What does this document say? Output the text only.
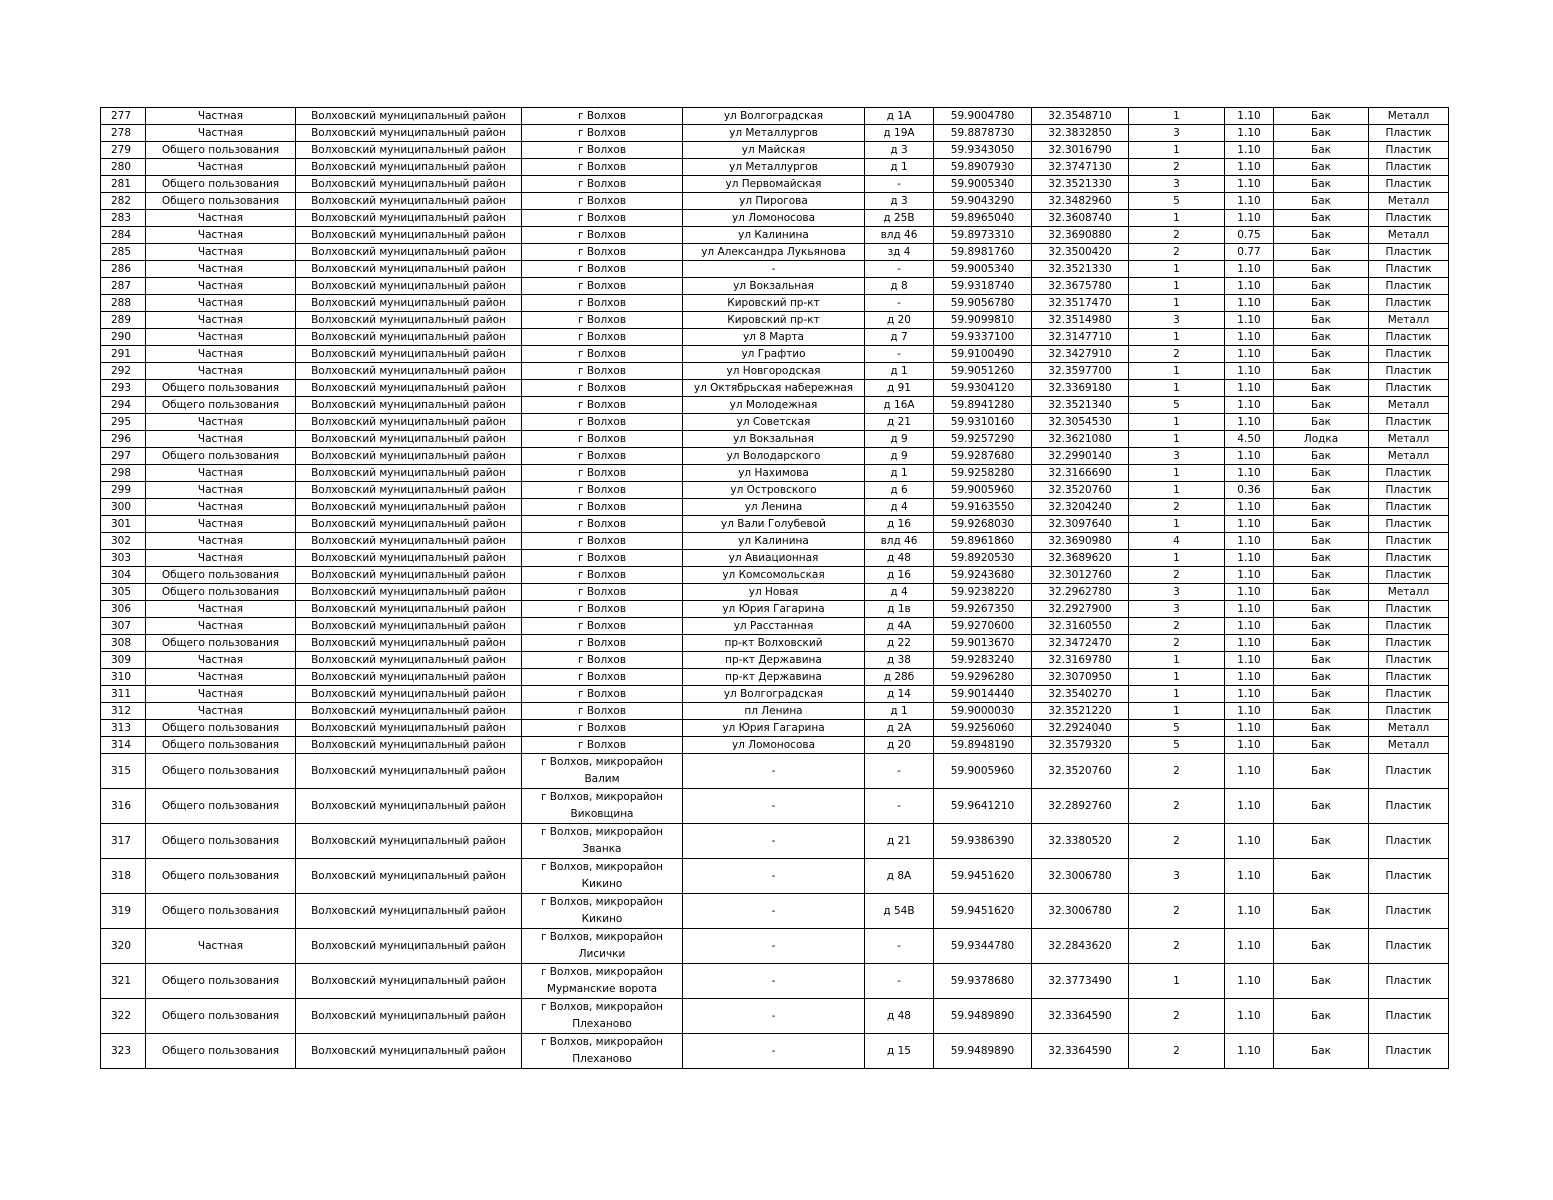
277	Частная	Волховский муниципальный район	г Волхов	ул Волгоградская	д 1А	59.9004780	32.3548710	1	1.10	Бак	Металл
278	Частная	Волховский муниципальный район	г Волхов	ул Металлургов	д 19А	59.8878730	32.3832850	3	1.10	Бак	Пластик
279	Общего пользования	Волховский муниципальный район	г Волхов	ул Майская	д 3	59.9343050	32.3016790	1	1.10	Бак	Пластик
280	Частная	Волховский муниципальный район	г Волхов	ул Металлургов	д 1	59.8907930	32.3747130	2	1.10	Бак	Пластик
281	Общего пользования	Волховский муниципальный район	г Волхов	ул Первомайская	-	59.9005340	32.3521330	3	1.10	Бак	Пластик
282	Общего пользования	Волховский муниципальный район	г Волхов	ул Пирогова	д 3	59.9043290	32.3482960	5	1.10	Бак	Металл
283	Частная	Волховский муниципальный район	г Волхов	ул Ломоносова	д 25В	59.8965040	32.3608740	1	1.10	Бак	Пластик
284	Частная	Волховский муниципальный район	г Волхов	ул Калинина	влд 46	59.8973310	32.3690880	2	0.75	Бак	Металл
285	Частная	Волховский муниципальный район	г Волхов	ул Александра Лукьянова	зд 4	59.8981760	32.3500420	2	0.77	Бак	Пластик
286	Частная	Волховский муниципальный район	г Волхов	-	-	59.9005340	32.3521330	1	1.10	Бак	Пластик
287	Частная	Волховский муниципальный район	г Волхов	ул Вокзальная	д 8	59.9318740	32.3675780	1	1.10	Бак	Пластик
288	Частная	Волховский муниципальный район	г Волхов	Кировский пр-кт	-	59.9056780	32.3517470	1	1.10	Бак	Пластик
289	Частная	Волховский муниципальный район	г Волхов	Кировский пр-кт	д 20	59.9099810	32.3514980	3	1.10	Бак	Металл
290	Частная	Волховский муниципальный район	г Волхов	ул 8 Марта	д 7	59.9337100	32.3147710	1	1.10	Бак	Пластик
291	Частная	Волховский муниципальный район	г Волхов	ул Графтио	-	59.9100490	32.3427910	2	1.10	Бак	Пластик
292	Частная	Волховский муниципальный район	г Волхов	ул Новгородская	д 1	59.9051260	32.3597700	1	1.10	Бак	Пластик
293	Общего пользования	Волховский муниципальный район	г Волхов	ул Октябрьская набережная	д 91	59.9304120	32.3369180	1	1.10	Бак	Пластик
294	Общего пользования	Волховский муниципальный район	г Волхов	ул Молодежная	д 16А	59.8941280	32.3521340	5	1.10	Бак	Металл
295	Частная	Волховский муниципальный район	г Волхов	ул Советская	д 21	59.9310160	32.3054530	1	1.10	Бак	Пластик
296	Частная	Волховский муниципальный район	г Волхов	ул Вокзальная	д 9	59.9257290	32.3621080	1	4.50	Лодка	Металл
297	Общего пользования	Волховский муниципальный район	г Волхов	ул Володарского	д 9	59.9287680	32.2990140	3	1.10	Бак	Металл
298	Частная	Волховский муниципальный район	г Волхов	ул Нахимова	д 1	59.9258280	32.3166690	1	1.10	Бак	Пластик
299	Частная	Волховский муниципальный район	г Волхов	ул Островского	д 6	59.9005960	32.3520760	1	0.36	Бак	Пластик
300	Частная	Волховский муниципальный район	г Волхов	ул Ленина	д 4	59.9163550	32.3204240	2	1.10	Бак	Пластик
301	Частная	Волховский муниципальный район	г Волхов	ул Вали Голубевой	д 16	59.9268030	32.3097640	1	1.10	Бак	Пластик
302	Частная	Волховский муниципальный район	г Волхов	ул Калинина	влд 46	59.8961860	32.3690980	4	1.10	Бак	Пластик
303	Частная	Волховский муниципальный район	г Волхов	ул Авиационная	д 48	59.8920530	32.3689620	1	1.10	Бак	Пластик
304	Общего пользования	Волховский муниципальный район	г Волхов	ул Комсомольская	д 16	59.9243680	32.3012760	2	1.10	Бак	Пластик
305	Общего пользования	Волховский муниципальный район	г Волхов	ул Новая	д 4	59.9238220	32.2962780	3	1.10	Бак	Металл
306	Частная	Волховский муниципальный район	г Волхов	ул Юрия Гагарина	д 1в	59.9267350	32.2927900	3	1.10	Бак	Пластик
307	Частная	Волховский муниципальный район	г Волхов	ул Расстанная	д 4А	59.9270600	32.3160550	2	1.10	Бак	Пластик
308	Общего пользования	Волховский муниципальный район	г Волхов	пр-кт Волховский	д 22	59.9013670	32.3472470	2	1.10	Бак	Пластик
309	Частная	Волховский муниципальный район	г Волхов	пр-кт Державина	д 38	59.9283240	32.3169780	1	1.10	Бак	Пластик
310	Частная	Волховский муниципальный район	г Волхов	пр-кт Державина	д 28б	59.9296280	32.3070950	1	1.10	Бак	Пластик
311	Частная	Волховский муниципальный район	г Волхов	ул Волгоградская	д 14	59.9014440	32.3540270	1	1.10	Бак	Пластик
312	Частная	Волховский муниципальный район	г Волхов	пл Ленина	д 1	59.9000030	32.3521220	1	1.10	Бак	Пластик
313	Общего пользования	Волховский муниципальный район	г Волхов	ул Юрия Гагарина	д 2А	59.9256060	32.2924040	5	1.10	Бак	Металл
314	Общего пользования	Волховский муниципальный район	г Волхов	ул Ломоносова	д 20	59.8948190	32.3579320	5	1.10	Бак	Металл
315	Общего пользования	Волховский муниципальный район	г Волхов, микрорайон Валим	-	-	59.9005960	32.3520760	2	1.10	Бак	Пластик
316	Общего пользования	Волховский муниципальный район	г Волхов, микрорайон Виковщина	-	-	59.9641210	32.2892760	2	1.10	Бак	Пластик
317	Общего пользования	Волховский муниципальный район	г Волхов, микрорайон Званка	-	д 21	59.9386390	32.3380520	2	1.10	Бак	Пластик
318	Общего пользования	Волховский муниципальный район	г Волхов, микрорайон Кикино	-	д 8А	59.9451620	32.3006780	3	1.10	Бак	Пластик
319	Общего пользования	Волховский муниципальный район	г Волхов, микрорайон Кикино	-	д 54В	59.9451620	32.3006780	2	1.10	Бак	Пластик
320	Частная	Волховский муниципальный район	г Волхов, микрорайон Лисички	-	-	59.9344780	32.2843620	2	1.10	Бак	Пластик
321	Общего пользования	Волховский муниципальный район	г Волхов, микрорайон Мурманские ворота	-	-	59.9378680	32.3773490	1	1.10	Бак	Пластик
322	Общего пользования	Волховский муниципальный район	г Волхов, микрорайон Плеханово	-	д 48	59.9489890	32.3364590	2	1.10	Бак	Пластик
323	Общего пользования	Волховский муниципальный район	г Волхов, микрорайон Плеханово	-	д 15	59.9489890	32.3364590	2	1.10	Бак	Пластик
